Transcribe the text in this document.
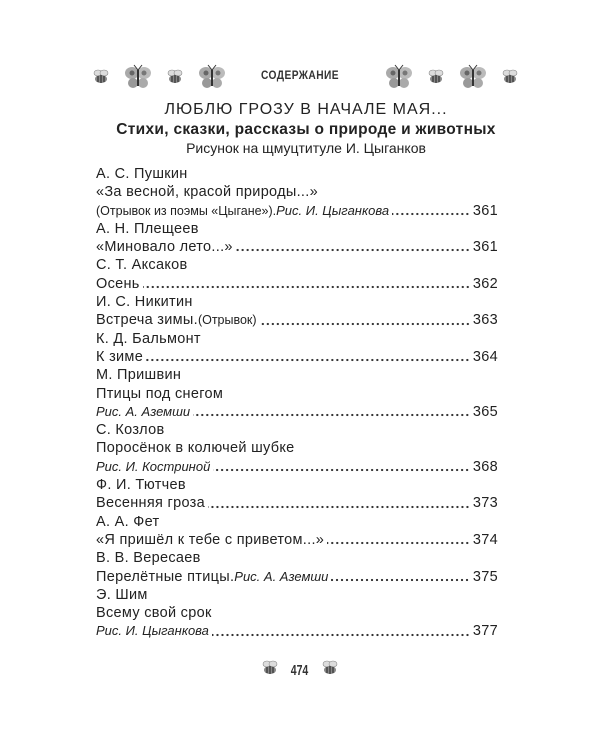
СОДЕРЖАНИЕ
ЛЮБЛЮ ГРОЗУ В НАЧАЛЕ МАЯ...
Стихи, сказки, рассказы о природе и животных
Рисунок на щмуцтитуле И. Цыганков
А. С. Пушкин
«За весной, красой природы...»
(Отрывок из поэмы «Цыгане»). Рис. И. Цыганкова	361
А. Н. Плещеев
«Миновало лето...»	361
С. Т. Аксаков
Осень	362
И. С. Никитин
Встреча зимы. (Отрывок)	363
К. Д. Бальмонт
К зиме	364
М. Пришвин
Птицы под снегом
Рис. А. Аземши	365
С. Козлов
Поросёнок в колючей шубке
Рис. И. Костриной	368
Ф. И. Тютчев
Весенняя гроза	373
А. А. Фет
«Я пришёл к тебе с приветом...»	374
В. В. Вересаев
Перелётные птицы. Рис. А. Аземши	375
Э. Шим
Всему свой срок
Рис. И. Цыганкова	377
474
